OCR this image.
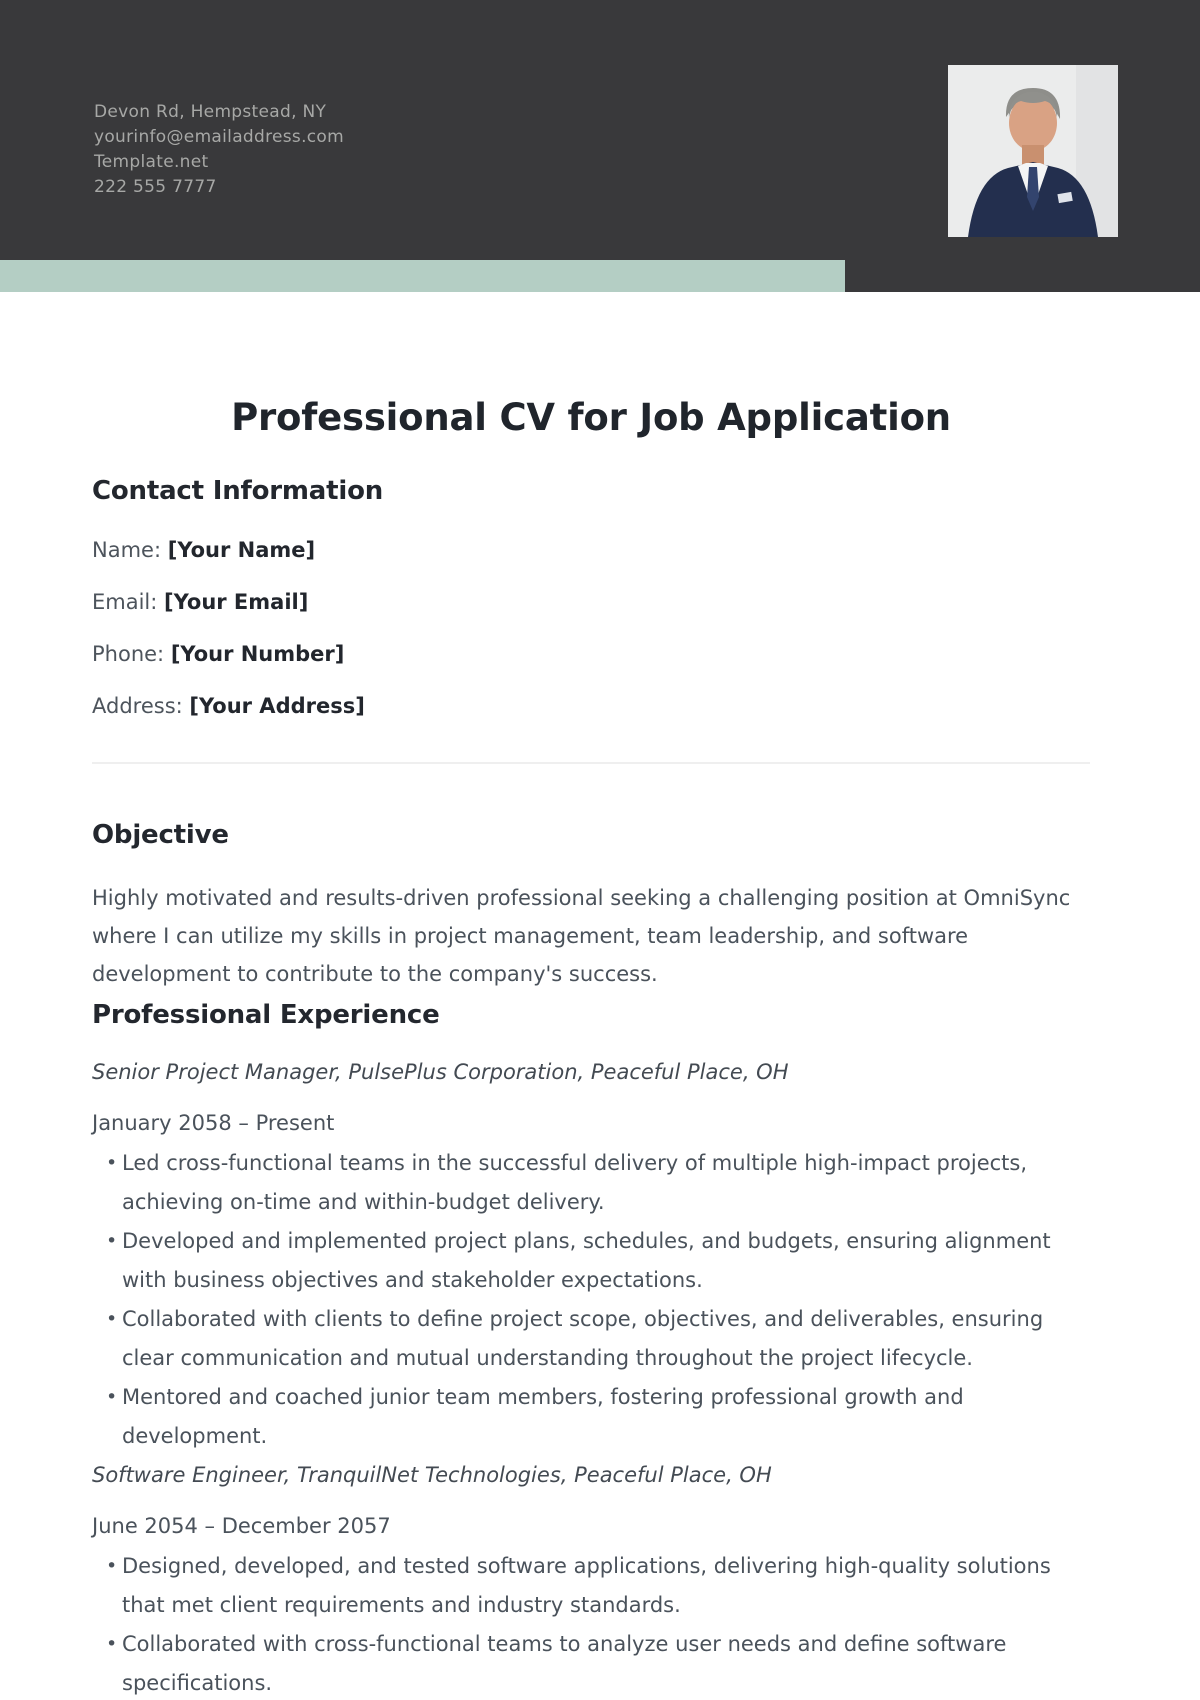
Devon Rd, Hempstead, NY
yourinfo@emailaddress.com
Template.net
222 555 7777
Professional CV for Job Application
Contact Information

Name: [Your Name]

Email: [Your Email]

Phone: [Your Number]

Address: [Your Address]

Objective

Highly motivated and results-driven professional seeking a challenging position at OmniSync where I can utilize my skills in project management, team leadership, and software development to contribute to the company's success.

Professional Experience

Senior Project Manager, PulsePlus Corporation, Peaceful Place, OH

January 2058 – Present

• Led cross-functional teams in the successful delivery of multiple high-impact projects, achieving on-time and within-budget delivery.
• Developed and implemented project plans, schedules, and budgets, ensuring alignment with business objectives and stakeholder expectations.
• Collaborated with clients to define project scope, objectives, and deliverables, ensuring clear communication and mutual understanding throughout the project lifecycle.
• Mentored and coached junior team members, fostering professional growth and development.

Software Engineer, TranquilNet Technologies, Peaceful Place, OH

June 2054 – December 2057

• Designed, developed, and tested software applications, delivering high-quality solutions that met client requirements and industry standards.
• Collaborated with cross-functional teams to analyze user needs and define software specifications.
